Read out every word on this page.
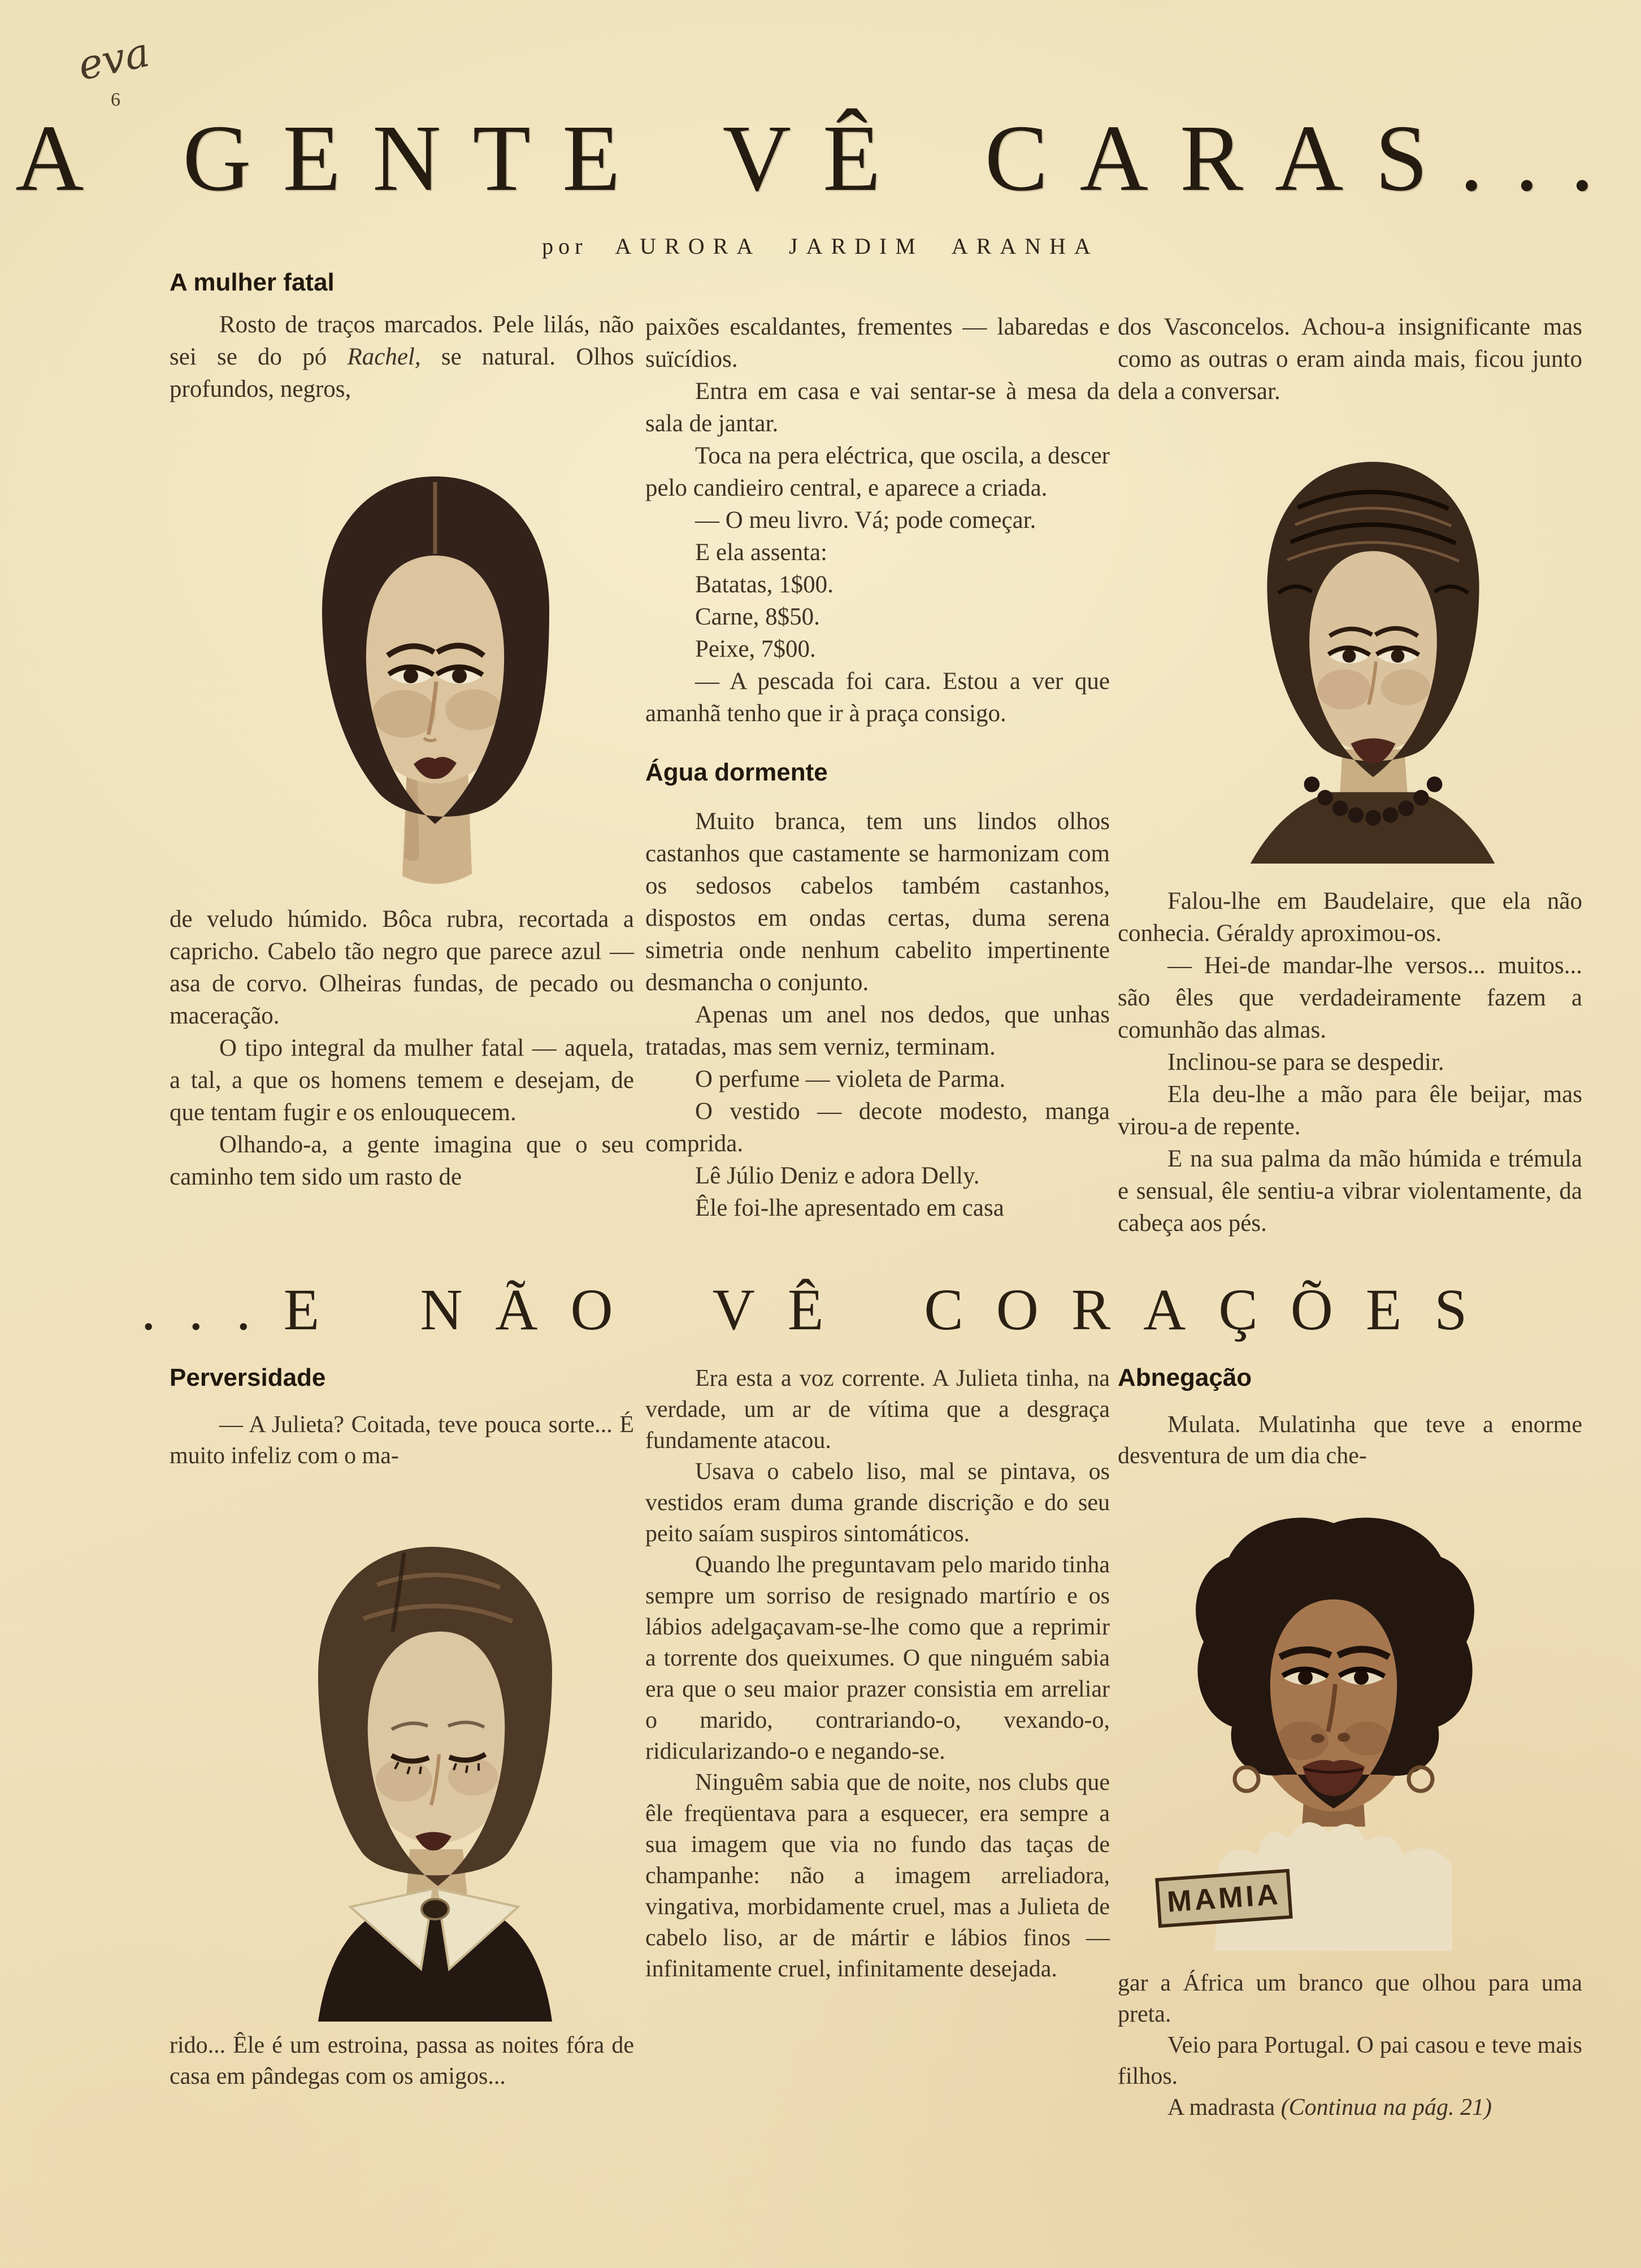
eva
6
A GENTE VÊ CARAS...
por AURORA JARDIM ARANHA
A mulher fatal

Rosto de traços marcados. Pele lilás, não sei se do pó Rachel, se natural. Olhos profundos, negros,

de veludo húmido. Bôca rubra, recortada a capricho. Cabelo tão negro que parece azul — asa de corvo. Olheiras fundas, de pecado ou maceração.

O tipo integral da mulher fatal — aquela, a tal, a que os homens temem e desejam, de que tentam fugir e os enlouquecem.

Olhando-a, a gente imagina que o seu caminho tem sido um rasto de

paixões escaldantes, frementes — labaredas e suïcídios.

Entra em casa e vai sentar-se à mesa da sala de jantar.

Toca na pera eléctrica, que oscila, a descer pelo candieiro central, e aparece a criada.

— O meu livro. Vá; pode começar.

E ela assenta:

Batatas, 1$00.

Carne, 8$50.

Peixe, 7$00.

— A pescada foi cara. Estou a ver que amanhã tenho que ir à praça consigo.

Água dormente

Muito branca, tem uns lindos olhos castanhos que castamente se harmonizam com os sedosos cabelos também castanhos, dispostos em ondas certas, duma serena simetria onde nenhum cabelito impertinente desmancha o conjunto.

Apenas um anel nos dedos, que unhas tratadas, mas sem verniz, terminam.

O perfume — violeta de Parma.

O vestido — decote modesto, manga comprida.

Lê Júlio Deniz e adora Delly.

Êle foi-lhe apresentado em casa

dos Vasconcelos. Achou-a insignificante mas como as outras o eram ainda mais, ficou junto dela a conversar.

Falou-lhe em Baudelaire, que ela não conhecia. Géraldy aproximou-os.

— Hei-de mandar-lhe versos... muitos... são êles que verdadeiramente fazem a comunhão das almas.

Inclinou-se para se despedir.

Ela deu-lhe a mão para êle beijar, mas virou-a de repente.

E na sua palma da mão húmida e trémula e sensual, êle sentiu-a vibrar violentamente, da cabeça aos pés.

...E NÃO VÊ CORAÇÕES
Perversidade

— A Julieta? Coitada, teve pouca sorte... É muito infeliz com o ma-

rido... Êle é um estroina, passa as noites fóra de casa em pândegas com os amigos...

Era esta a voz corrente. A Julieta tinha, na verdade, um ar de vítima que a desgraça fundamente atacou.

Usava o cabelo liso, mal se pintava, os vestidos eram duma grande discrição e do seu peito saíam suspiros sintomáticos.

Quando lhe preguntavam pelo marido tinha sempre um sorriso de resignado martírio e os lábios adelgaçavam-se-lhe como que a reprimir a torrente dos queixumes. O que ninguém sabia era que o seu maior prazer consistia em arreliar o marido, contrariando-o, vexando-o, ridicularizando-o e negando-se.

Ninguêm sabia que de noite, nos clubs que êle freqüentava para a esquecer, era sempre a sua imagem que via no fundo das taças de champanhe: não a imagem arreliadora, vingativa, morbidamente cruel, mas a Julieta de cabelo liso, ar de mártir e lábios finos — infinitamente cruel, infinitamente desejada.

Abnegação

Mulata. Mulatinha que teve a enorme desventura de um dia che-

MAMIA

gar a África um branco que olhou para uma preta.

Veio para Portugal. O pai casou e teve mais filhos.

A madrasta (Continua na pág. 21)
